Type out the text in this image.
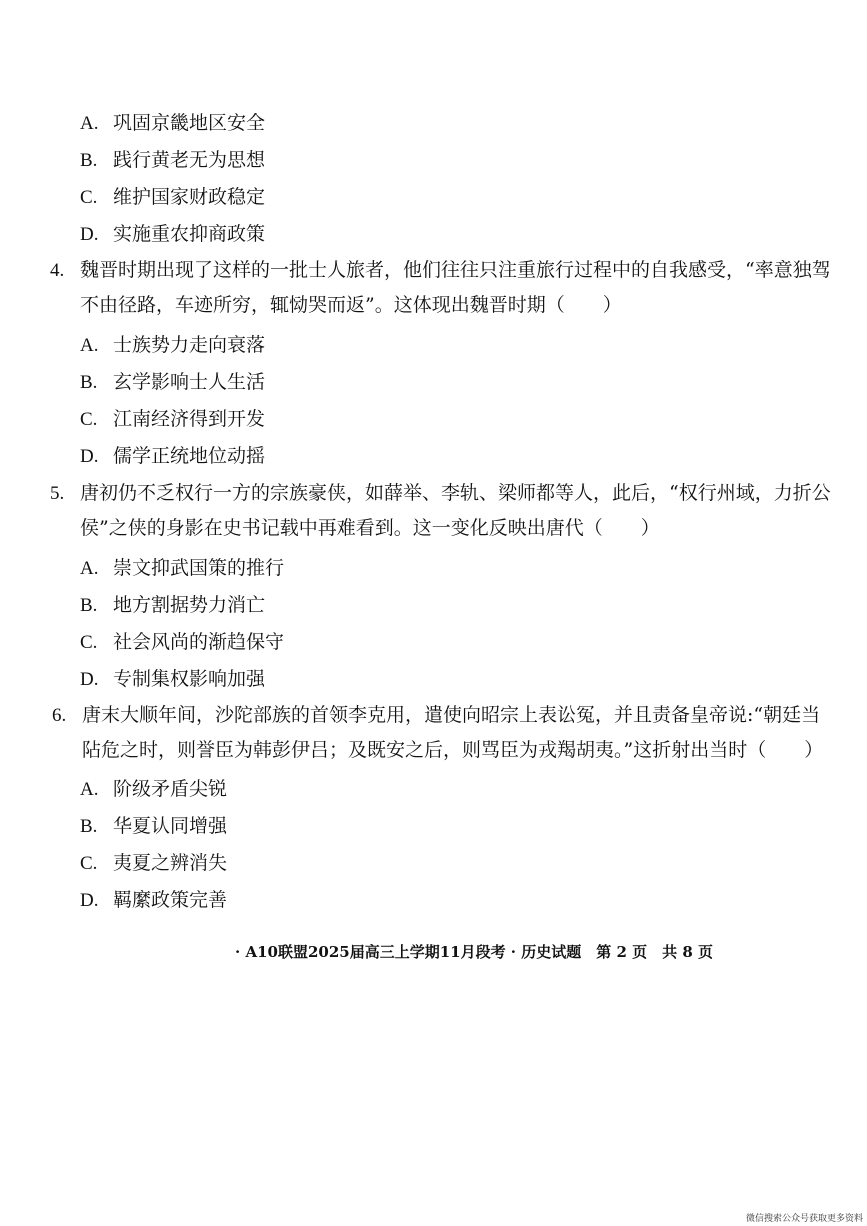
A. 巩固京畿地区安全
B. 践行黄老无为思想
C. 维护国家财政稳定
D. 实施重农抑商政策
4. 魏晋时期出现了这样的一批士人旅者，他们往往只注重旅行过程中的自我感受，“率意独驾
不由径路，车迹所穷，辄恸哭而返”。这体现出魏晋时期（　　）
A. 士族势力走向衰落
B. 玄学影响士人生活
C. 江南经济得到开发
D. 儒学正统地位动摇
5. 唐初仍不乏权行一方的宗族豪侠，如薛举、李轨、梁师都等人，此后，“权行州域，力折公
侯”之侠的身影在史书记载中再难看到。这一变化反映出唐代（　　）
A. 崇文抑武国策的推行
B. 地方割据势力消亡
C. 社会风尚的渐趋保守
D. 专制集权影响加强
6. 唐末大顺年间，沙陀部族的首领李克用，遣使向昭宗上表讼冤，并且责备皇帝说:“朝廷当
阽危之时，则誉臣为韩彭伊吕；及既安之后，则骂臣为戎羯胡夷。”这折射出当时（　　）
A. 阶级矛盾尖锐
B. 华夏认同增强
C. 夷夏之辨消失
D. 羁縻政策完善
· A10联盟2025届高三上学期11月段考 · 历史试题　第 2 页　共 8 页
微信搜索公众号获取更多资料
